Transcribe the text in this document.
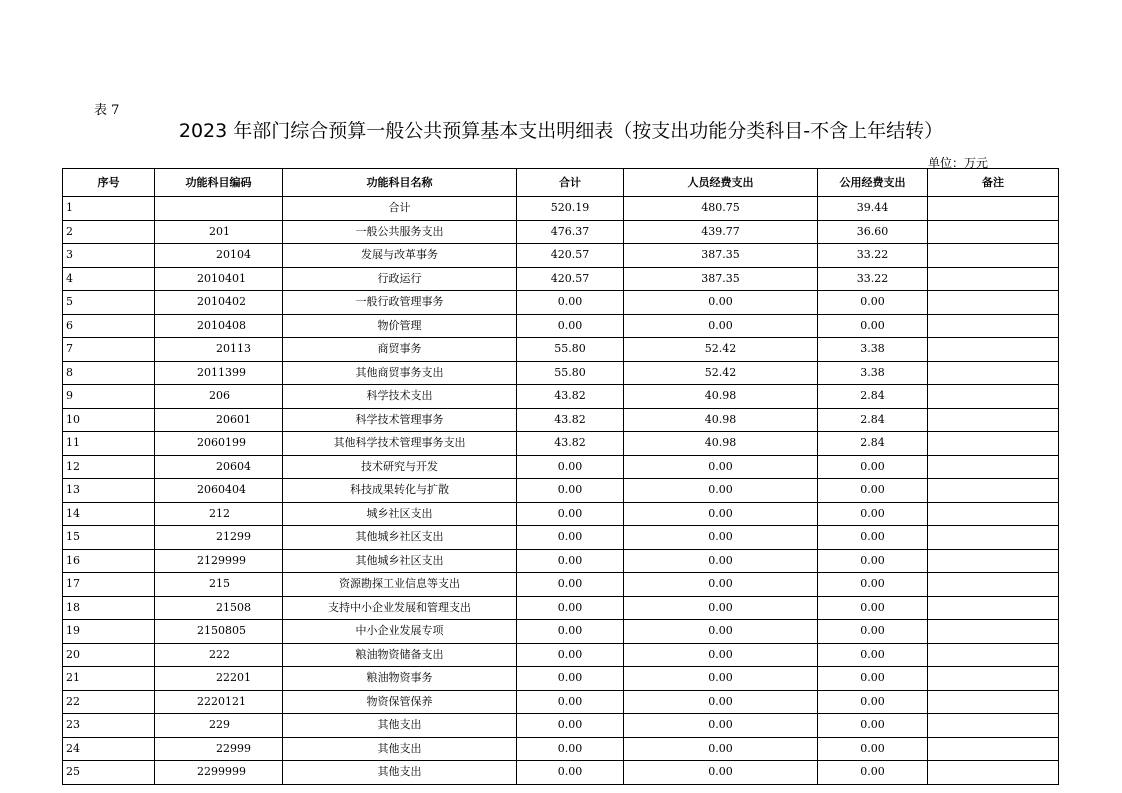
表 7
2023 年部门综合预算一般公共预算基本支出明细表（按支出功能分类科目-不含上年结转）
单位：万元
序号	功能科目编码	功能科目名称	合计	人员经费支出	公用经费支出	备注
1		合计	520.19	480.75	39.44	
2	201	一般公共服务支出	476.37	439.77	36.60	
3	20104	发展与改革事务	420.57	387.35	33.22	
4	2010401	行政运行	420.57	387.35	33.22	
5	2010402	一般行政管理事务	0.00	0.00	0.00	
6	2010408	物价管理	0.00	0.00	0.00	
7	20113	商贸事务	55.80	52.42	3.38	
8	2011399	其他商贸事务支出	55.80	52.42	3.38	
9	206	科学技术支出	43.82	40.98	2.84	
10	20601	科学技术管理事务	43.82	40.98	2.84	
11	2060199	其他科学技术管理事务支出	43.82	40.98	2.84	
12	20604	技术研究与开发	0.00	0.00	0.00	
13	2060404	科技成果转化与扩散	0.00	0.00	0.00	
14	212	城乡社区支出	0.00	0.00	0.00	
15	21299	其他城乡社区支出	0.00	0.00	0.00	
16	2129999	其他城乡社区支出	0.00	0.00	0.00	
17	215	资源勘探工业信息等支出	0.00	0.00	0.00	
18	21508	支持中小企业发展和管理支出	0.00	0.00	0.00	
19	2150805	中小企业发展专项	0.00	0.00	0.00	
20	222	粮油物资储备支出	0.00	0.00	0.00	
21	22201	粮油物资事务	0.00	0.00	0.00	
22	2220121	物资保管保养	0.00	0.00	0.00	
23	229	其他支出	0.00	0.00	0.00	
24	22999	其他支出	0.00	0.00	0.00	
25	2299999	其他支出	0.00	0.00	0.00	
